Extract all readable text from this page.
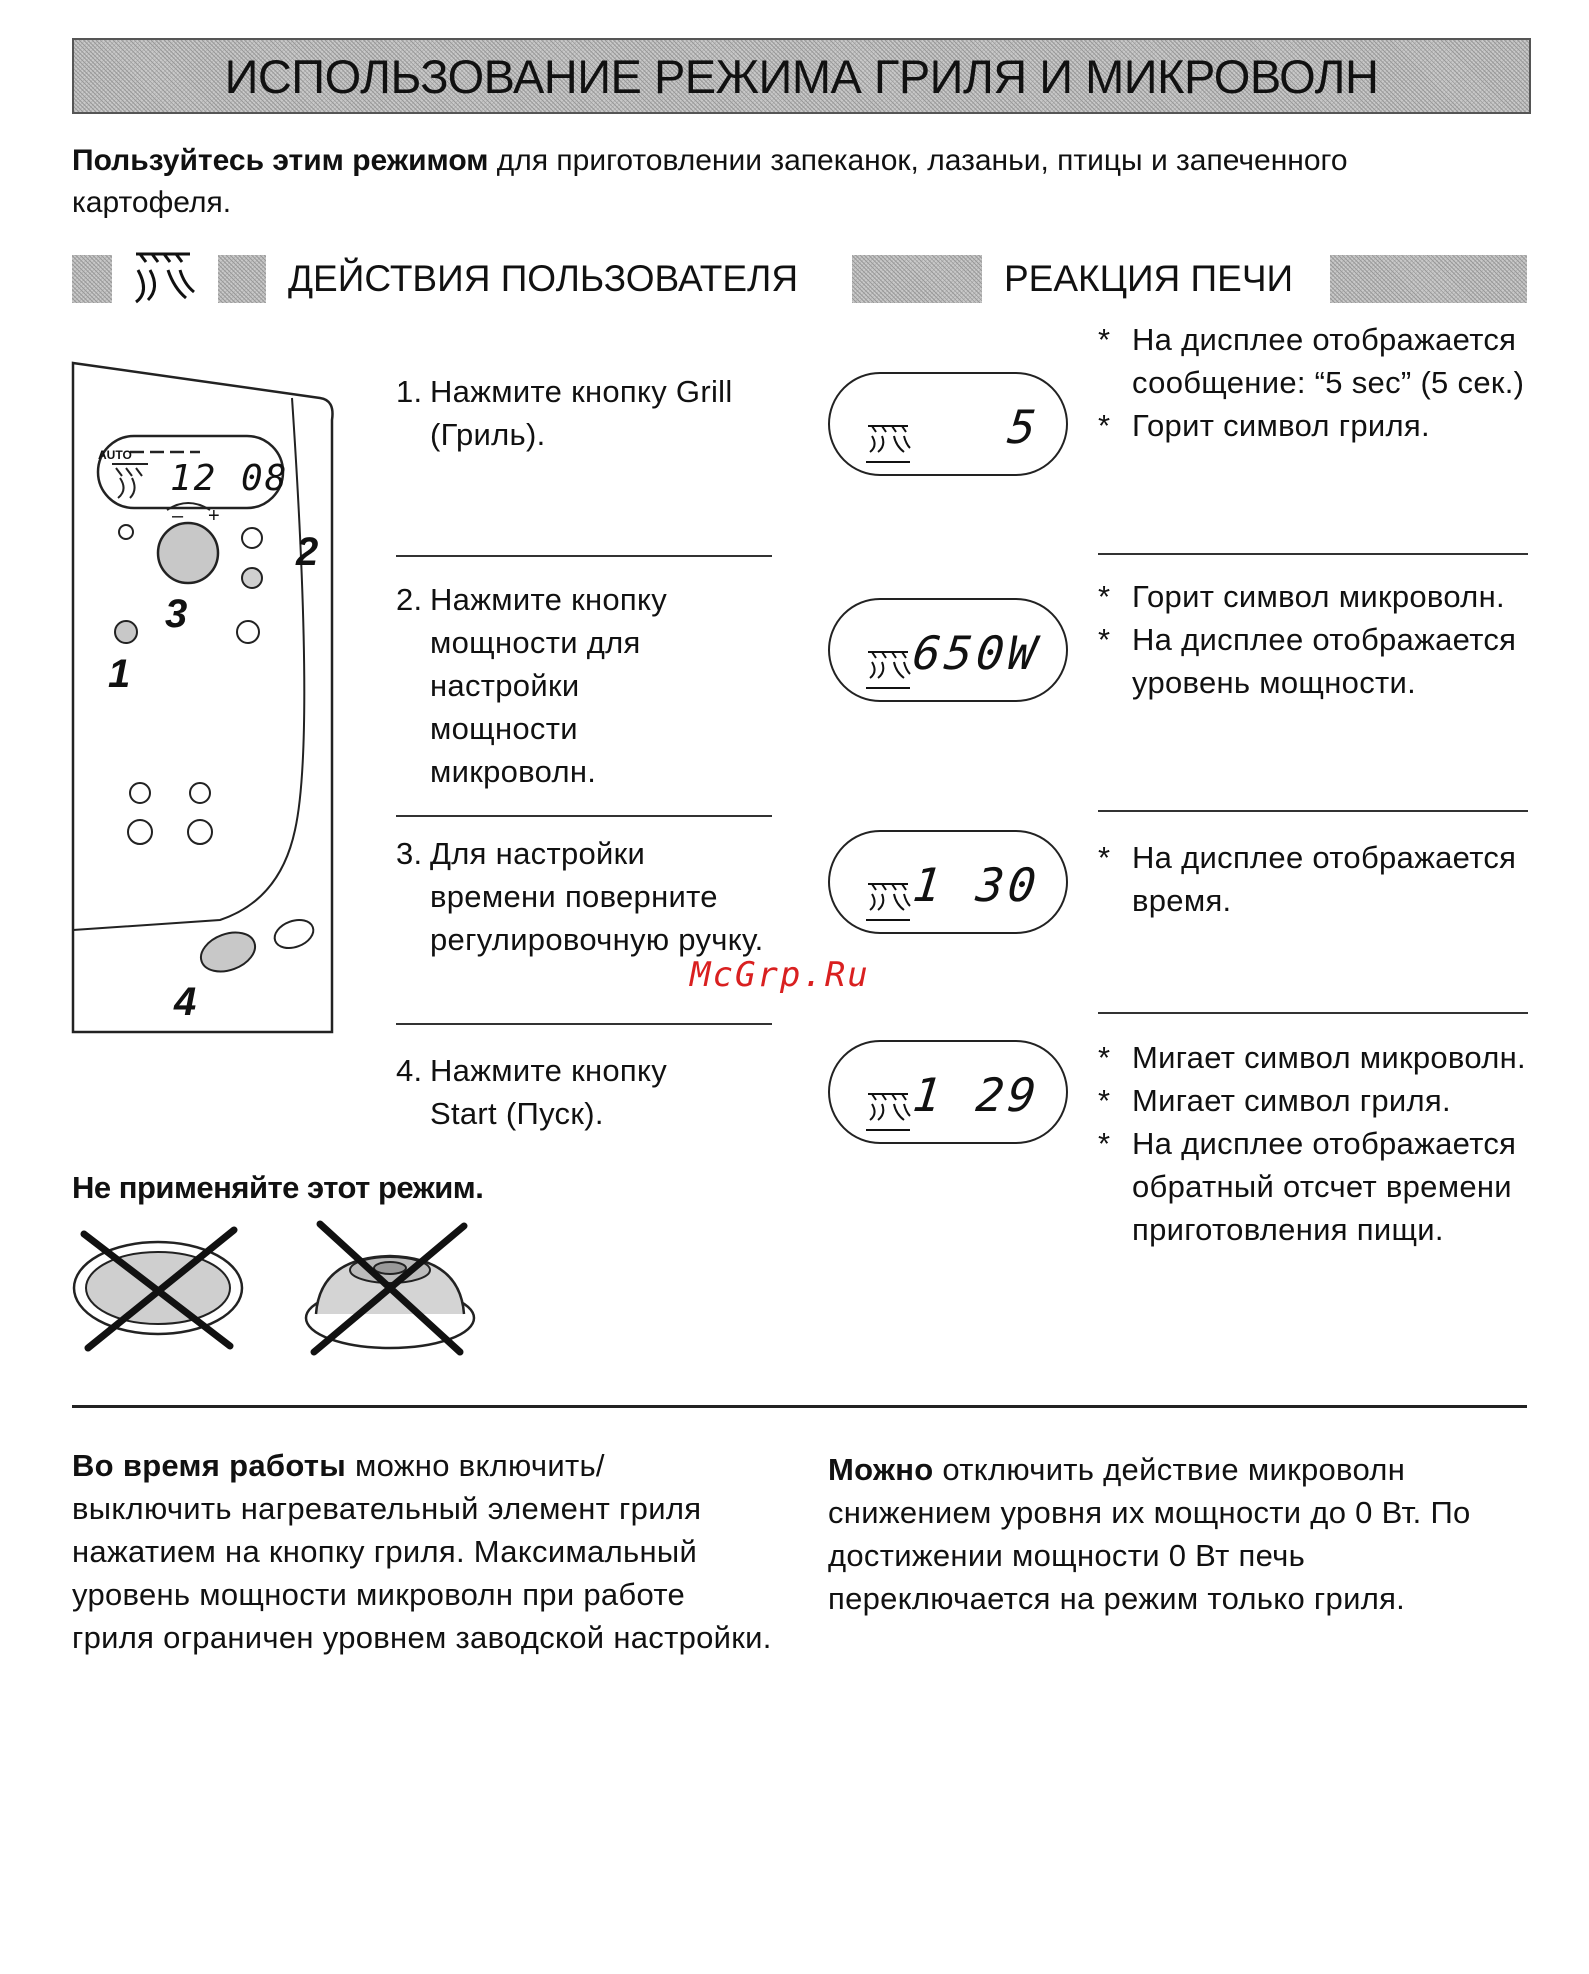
ИСПОЛЬЗОВАНИЕ РЕЖИМА ГРИЛЯ И МИКРОВОЛН
Пользуйтесь этим режимом для приготовлении запеканок, лазаньи, птицы и запеченного картофеля.
ДЕЙСТВИЯ ПОЛЬЗОВАТЕЛЯ	РЕАКЦИЯ ПЕЧИ
AUTO
12 08
– +
1
2
3
4
1. Нажмите кнопку Grill (Гриль).
2. Нажмите кнопку мощности для настройки мощности микроволн.
3. Для настройки времени поверните регулировочную ручку.
4. Нажмите кнопку Start (Пуск).
5
650W
1 30
1 29
* На дисплее отображается сообщение: “5 sec” (5 сек.)
* Горит символ гриля.
* Горит символ микроволн.
* На дисплее отображается уровень мощности.
* На дисплее отображается время.
* Мигает символ микроволн.
* Мигает символ гриля.
* На дисплее отображается обратный отсчет времени приготовления пищи.
McGrp.Ru
Не применяйте этот режим.
Во время работы можно включить/ выключить нагревательный элемент гриля нажатием на кнопку гриля. Максимальный уровень мощности микроволн при работе гриля ограничен уровнем заводской настройки.
Можно отключить действие микроволн снижением уровня их мощности до 0 Вт. По достижении мощности 0 Вт печь переключается на режим только гриля.
